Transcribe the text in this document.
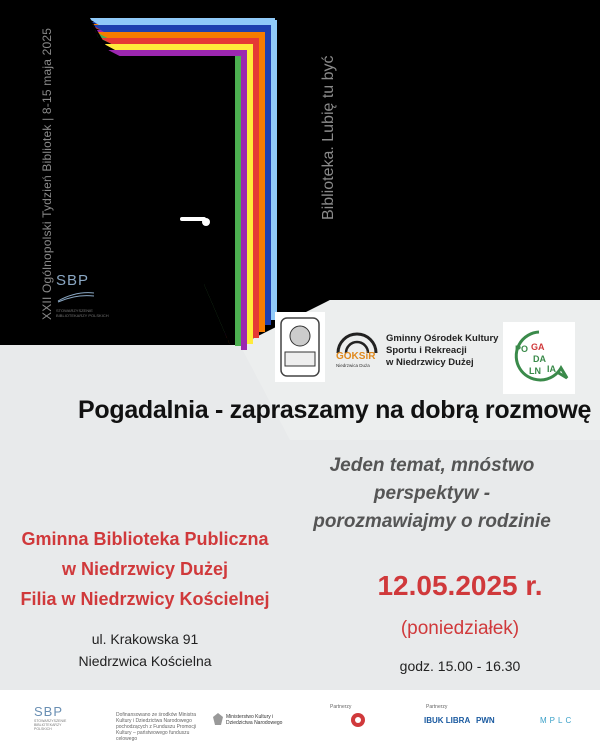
XXII Ogólnopolski Tydzień Bibliotek | 8-15 maja 2025	Biblioteka. Lubię tu być
SBP
STOWARZYSZENIE BIBLIOTEKARZY POLSKICH
GOKSiR
Niedrzwica Duża
Gminny Ośrodek Kultury
Sportu i Rekreacji
w Niedrzwicy Dużej
PO GA
DA
LN IA
Pogadalnia - zapraszamy na dobrą rozmowę
Jeden temat, mnóstwo
perspektyw -
porozmawiajmy o rodzinie
Gminna Biblioteka Publiczna
w Niedrzwicy Dużej
Filia w Niedrzwicy Kościelnej
ul. Krakowska 91
Niedrzwica Kościelna
12.05.2025 r.
(poniedziałek)
godz. 15.00 - 16.30
SBP
STOWARZYSZENIE BIBLIOTEKARZY POLSKICH
Dofinansowano ze środków Ministra Kultury i Dziedzictwa Narodowego pochodzących z Funduszu Promocji Kultury – państwowego funduszu celowego
Ministerstwo Kultury i Dziedzictwa Narodowego
Partnerzy	Partnerzy
IBUK LIBRA PWN	MPLC
